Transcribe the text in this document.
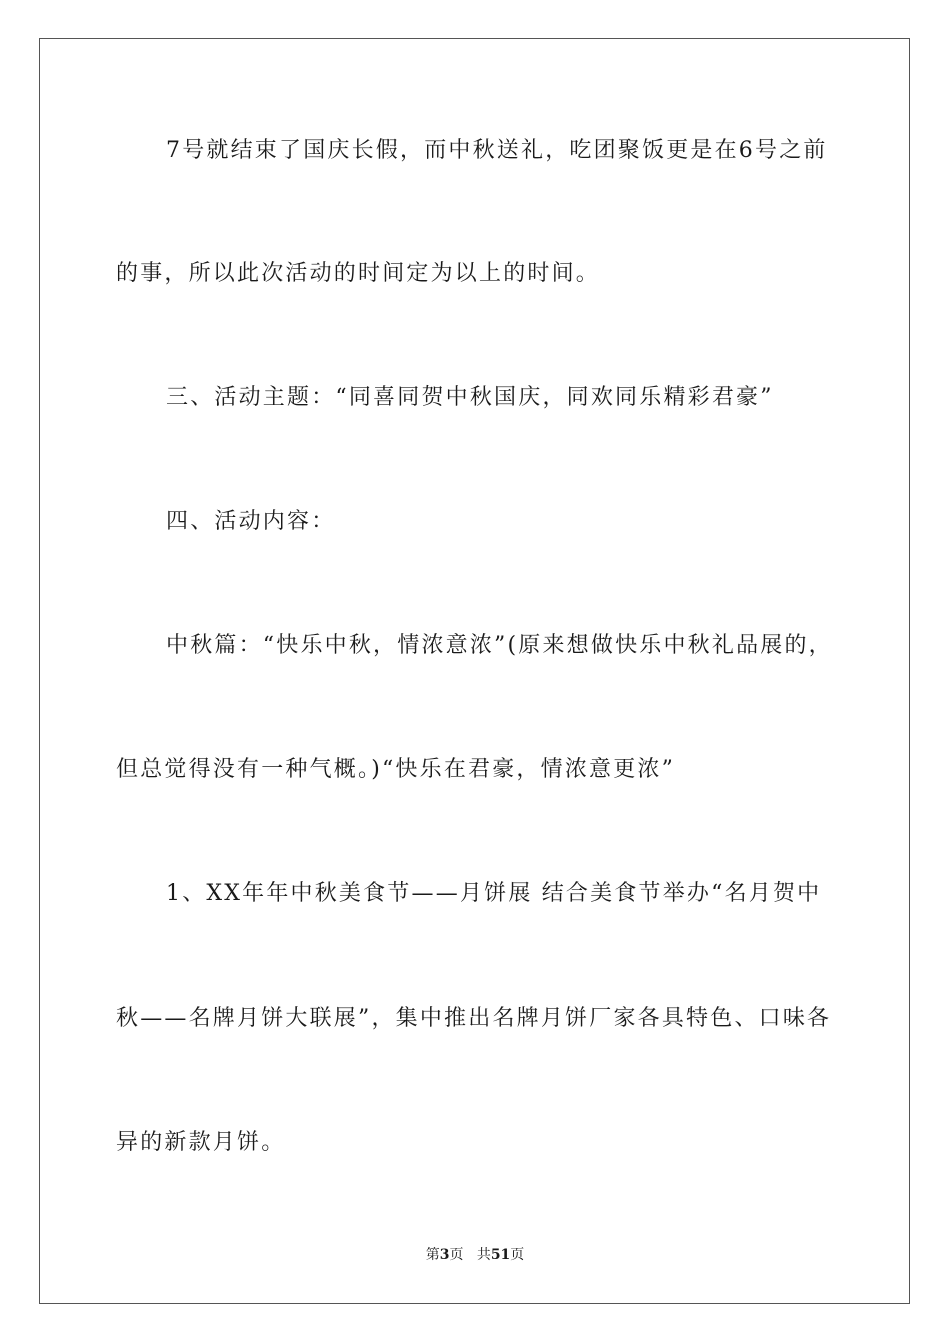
7号就结束了国庆长假，而中秋送礼，吃团聚饭更是在6号之前
的事，所以此次活动的时间定为以上的时间。
三、活动主题：“同喜同贺中秋国庆，同欢同乐精彩君豪”
四、活动内容：
中秋篇：“快乐中秋，情浓意浓”(原来想做快乐中秋礼品展的，
但总觉得没有一种气概。)“快乐在君豪，情浓意更浓”
1、XX年年中秋美食节——月饼展 结合美食节举办“名月贺中
秋——名牌月饼大联展”，集中推出名牌月饼厂家各具特色、口味各
异的新款月饼。
第3页 共51页
